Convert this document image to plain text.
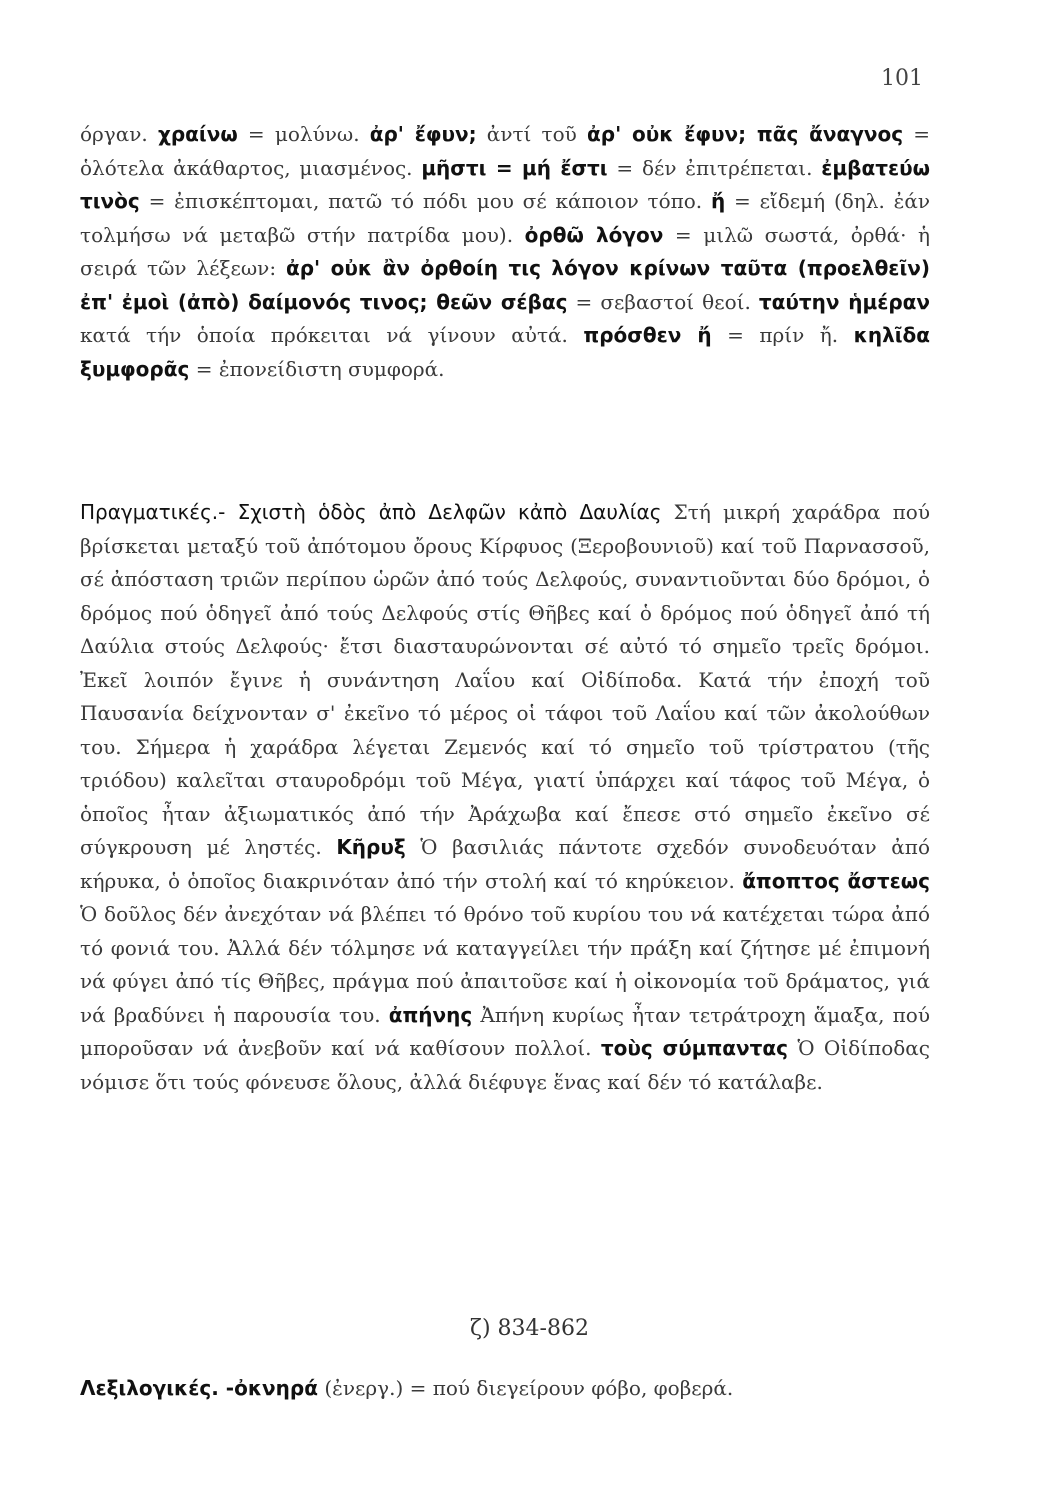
101
όργαν. χραίνω = μολύνω. ἀρ' ἔφυν; ἀντί τοῦ ἀρ' οὐκ ἔφυν; πᾶς ἄναγνος = ὁλότελα ἀκάθαρτος, μιασμένος. μῆστι = μή ἔστι = δέν ἐπιτρέπεται. ἐμβατεύω τινὸς = ἐπισκέπτομαι, πατῶ τό πόδι μου σέ κάποιον τόπο. ἤ = εἴδεμή (δηλ. ἐάν τολμήσω νά μεταβῶ στήν πατρίδα μου). ὀρθῶ λόγον = μιλῶ σωστά, ὀρθά· ἡ σειρά τῶν λέξεων: ἀρ' οὐκ ἂν ὀρθοίη τις λόγον κρίνων ταῦτα (προελθεῖν) ἐπ' ἐμοὶ (ἀπὸ) δαίμονός τινος; θεῶν σέβας = σεβαστοί θεοί. ταύτην ἡμέραν κατά τήν ὁποία πρόκειται νά γίνουν αὐτά. πρόσθεν ἤ = πρίν ἤ. κηλῖδα ξυμφορᾶς = ἐπονείδιστη συμφορά.
Πραγματικές.- Σχιστὴ ὁδὸς ἀπὸ Δελφῶν κἀπὸ Δαυλίας Στή μικρή χαράδρα πού βρίσκεται μεταξύ τοῦ ἀπότομου ὄρους Κίρφυος (Ξεροβουνιοῦ) καί τοῦ Παρνασσοῦ, σέ ἀπόσταση τριῶν περίπου ὡρῶν ἀπό τούς Δελφούς, συναντιοῦνται δύο δρόμοι, ὁ δρόμος πού ὁδηγεῖ ἀπό τούς Δελφούς στίς Θῆβες καί ὁ δρόμος πού ὁδηγεῖ ἀπό τή Δαύλια στούς Δελφούς· ἔτσι διασταυρώνονται σέ αὐτό τό σημεῖο τρεῖς δρόμοι. Ἐκεῖ λοιπόν ἔγινε ἡ συνάντηση Λαΐου καί Οἰδίποδα. Κατά τήν ἐποχή τοῦ Παυσανία δείχνονταν σ' ἐκεῖνο τό μέρος οἱ τάφοι τοῦ Λαΐου καί τῶν ἀκολούθων του. Σήμερα ἡ χαράδρα λέγεται Ζεμενός καί τό σημεῖο τοῦ τρίστρατου (τῆς τριόδου) καλεῖται σταυροδρόμι τοῦ Μέγα, γιατί ὑπάρχει καί τάφος τοῦ Μέγα, ὁ ὁποῖος ἦταν ἀξιωματικός ἀπό τήν Ἀράχωβα καί ἔπεσε στό σημεῖο ἐκεῖνο σέ σύγκρουση μέ ληστές. Κῆρυξ Ὁ βασιλιάς πάντοτε σχεδόν συνοδευόταν ἀπό κήρυκα, ὁ ὁποῖος διακρινόταν ἀπό τήν στολή καί τό κηρύκειον. ἄποπτος ἄστεως Ὁ δοῦλος δέν ἀνεχόταν νά βλέπει τό θρόνο τοῦ κυρίου του νά κατέχεται τώρα ἀπό τό φονιά του. Ἀλλά δέν τόλμησε νά καταγγείλει τήν πράξη καί ζήτησε μέ ἐπιμονή νά φύγει ἀπό τίς Θῆβες, πράγμα πού ἀπαιτοῦσε καί ἡ οἰκονομία τοῦ δράματος, γιά νά βραδύνει ἡ παρουσία του. ἀπήνης Ἀπήνη κυρίως ἦταν τετράτροχη ἅμαξα, πού μποροῦσαν νά ἀνεβοῦν καί νά καθίσουν πολλοί. τοὺς σύμπαντας Ὁ Οἰδίποδας νόμισε ὅτι τούς φόνευσε ὅλους, ἀλλά διέφυγε ἕνας καί δέν τό κατάλαβε.
ζ) 834-862
Λεξιλογικές. -ὀκνηρά (ἐνεργ.) = πού διεγείρουν φόβο, φοβερά.
